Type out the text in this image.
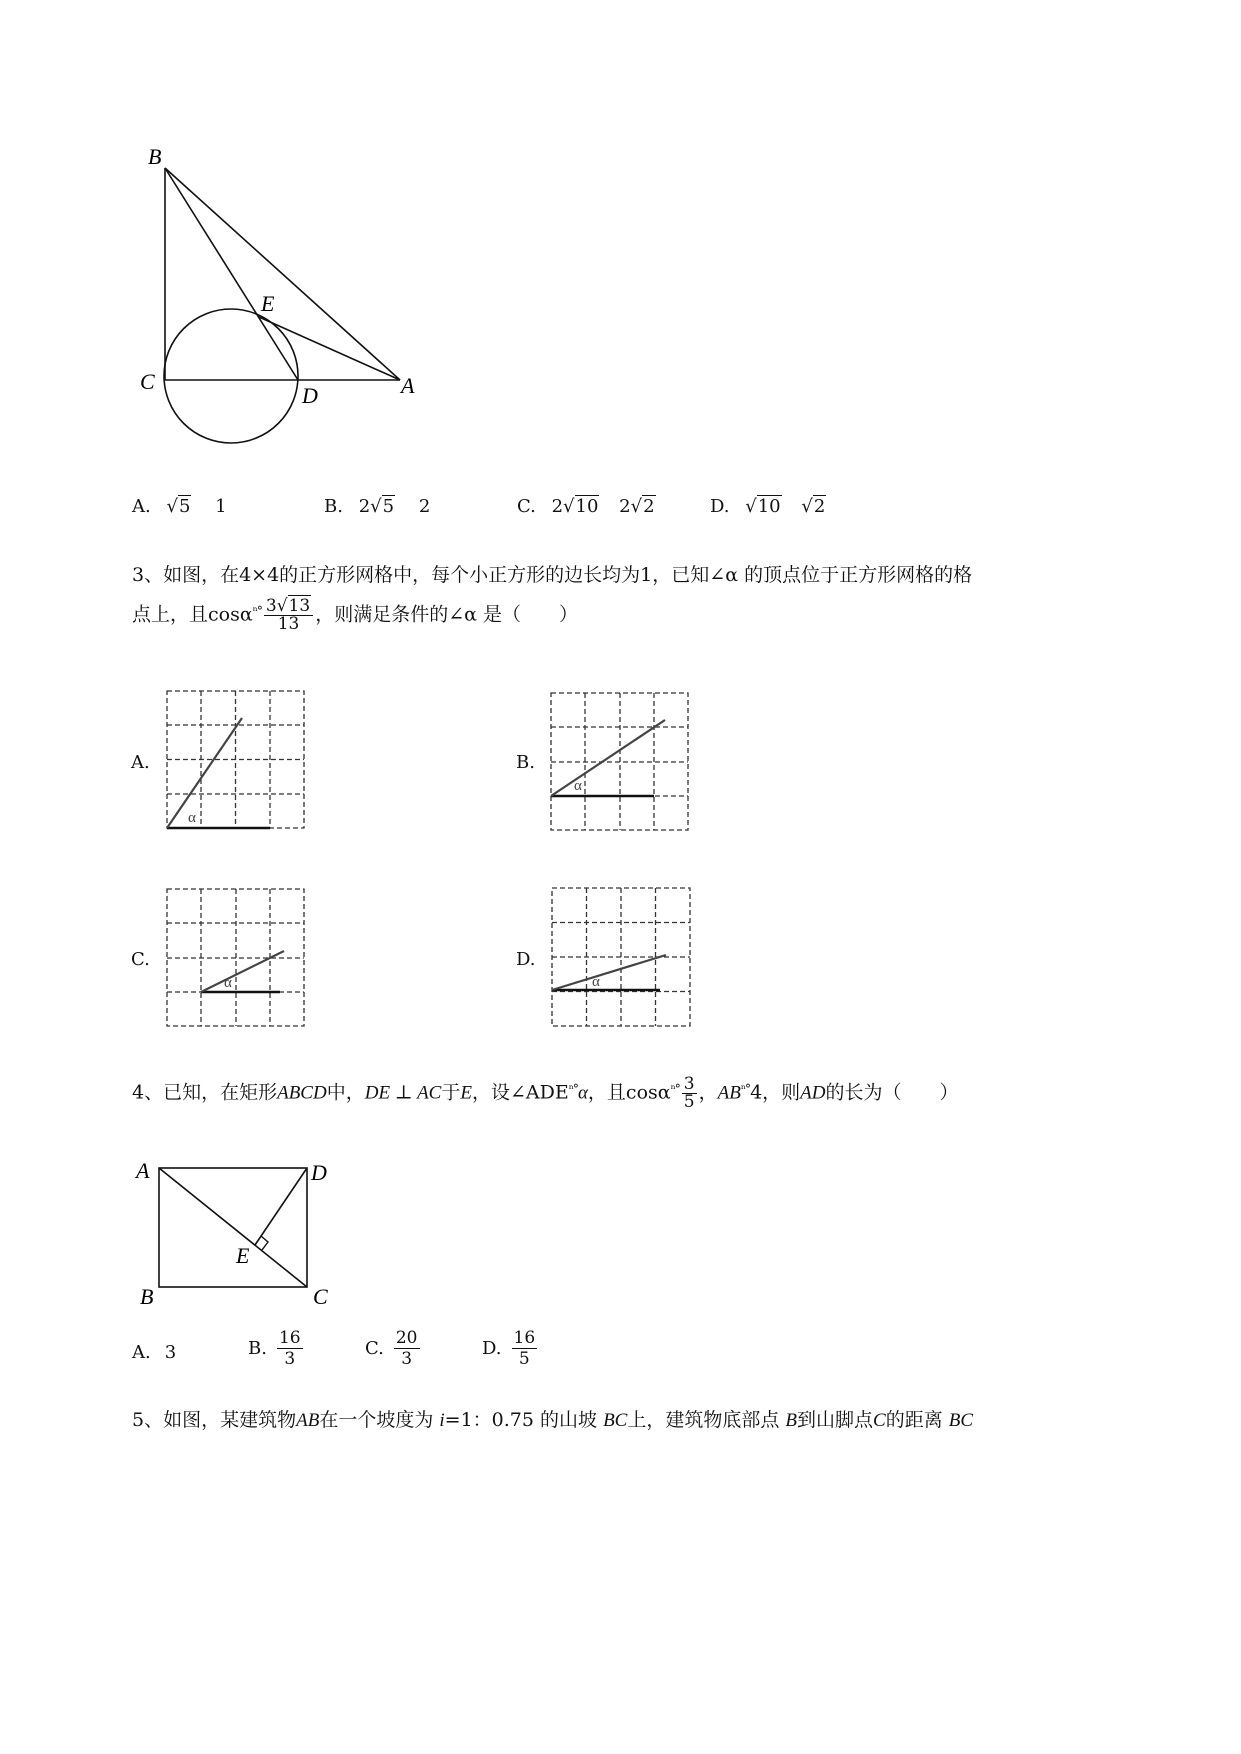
B
E
C
D	A
A. √5 1	B. 2√5 2	C. 2√10 2√2	D. √10 √2
3、如图，在4×4的正方形网格中，每个小正方形的边长均为1，已知∠α 的顶点位于正方形网格的格
点上，且$\cos\alpha^{^n^\circ} \frac{3√13}{13}$ ，则满足条件的∠α 是（　　）
A.	B.
C.	D.
α
α
α	α
4、已知，在矩形ABCD中，DE ⊥ AC于E，设$\angle ADE^{^n^\circ}\alpha$，且$\cos\alpha^{^n^\circ} \frac{3}{5}$ ，$AB^{^n^\circ}4$，则AD的长为（　　）
A	D
E
B	C
A. 3	B. $\frac{16}{3}$	C. $\frac{20}{3}$	D. $\frac{16}{5}$
5、如图，某建筑物AB在一个坡度为 i=1：0.75 的山坡 BC上，建筑物底部点 B到山脚点C的距离 BC
